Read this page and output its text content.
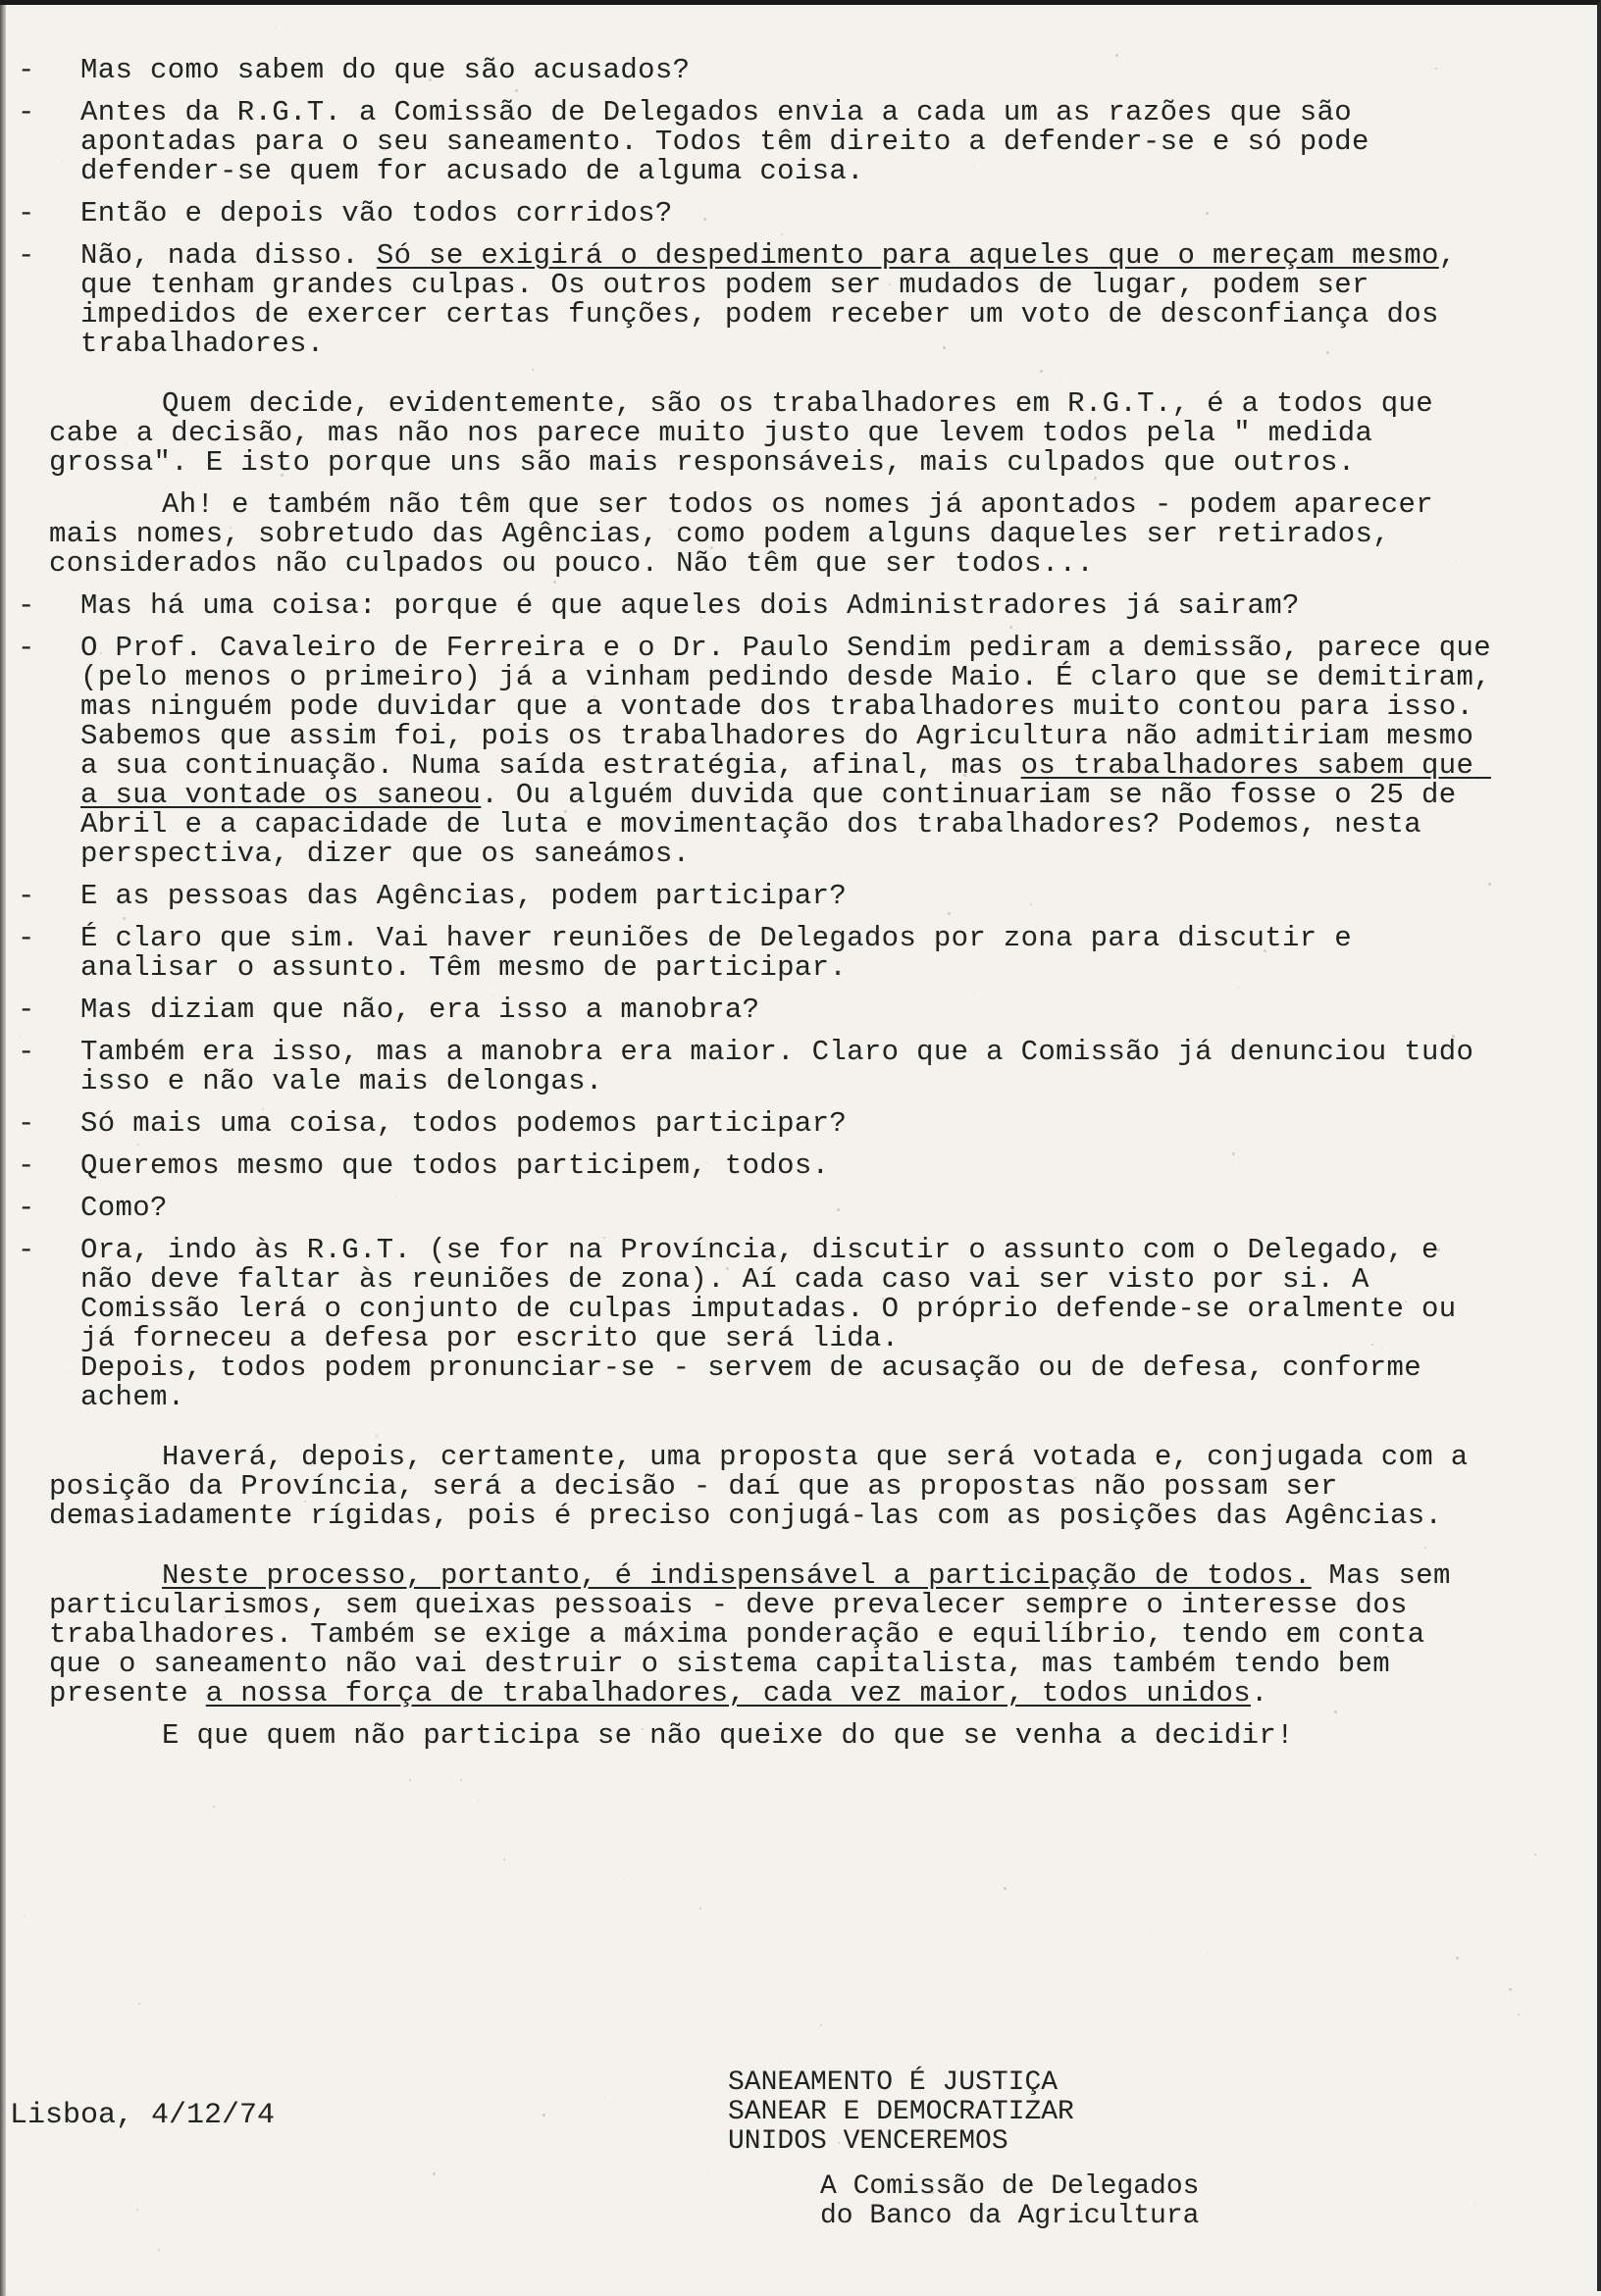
- Mas como sabem do que são acusados?
- Antes da R.G.T. a Comissão de Delegados envia a cada um as razões que são apontadas para o seu saneamento. Todos têm direito a defender-se e só pode defender-se quem for acusado de alguma coisa.
- Então e depois vão todos corridos?
- Não, nada disso. Só se exigirá o despedimento para aqueles que o mereçam mesmo, que tenham grandes culpas. Os outros podem ser mudados de lugar, podem ser impedidos de exercer certas funções, podem receber um voto de desconfiança dos trabalhadores.
Quem decide, evidentemente, são os trabalhadores em R.G.T., é a todos que cabe a decisão, mas não nos parece muito justo que levem todos pela " medida grossa". E isto porque uns são mais responsáveis, mais culpados que outros.
Ah! e também não têm que ser todos os nomes já apontados - podem aparecer mais nomes, sobretudo das Agências, como podem alguns daqueles ser retirados, considerados não culpados ou pouco. Não têm que ser todos...
- Mas há uma coisa: porque é que aqueles dois Administradores já sairam?
- O Prof. Cavaleiro de Ferreira e o Dr. Paulo Sendim pediram a demissão, parece que (pelo menos o primeiro) já a vinham pedindo desde Maio. É claro que se demitiram, mas ninguém pode duvidar que a vontade dos trabalhadores muito contou para isso. Sabemos que assim foi, pois os trabalhadores do Agricultura não admitiriam mesmo a sua continuação. Numa saída estratégia, afinal, mas os trabalhadores sabem que a sua vontade os saneou. Ou alguém duvida que continuariam se não fosse o 25 de Abril e a capacidade de luta e movimentação dos trabalhadores? Podemos, nesta perspectiva, dizer que os saneámos.
- E as pessoas das Agências, podem participar?
- É claro que sim. Vai haver reuniões de Delegados por zona para discutir e analisar o assunto. Têm mesmo de participar.
- Mas diziam que não, era isso a manobra?
- Também era isso, mas a manobra era maior. Claro que a Comissão já denunciou tudo isso e não vale mais delongas.
- Só mais uma coisa, todos podemos participar?
- Queremos mesmo que todos participem, todos.
- Como?
- Ora, indo às R.G.T. (se for na Província, discutir o assunto com o Delegado, e não deve faltar às reuniões de zona). Aí cada caso vai ser visto por si. A Comissão lerá o conjunto de culpas imputadas. O próprio defende-se oralmente ou já forneceu a defesa por escrito que será lida.
Depois, todos podem pronunciar-se - servem de acusação ou de defesa, conforme achem.
Haverá, depois, certamente, uma proposta que será votada e, conjugada com a posição da Província, será a decisão - daí que as propostas não possam ser demasiadamente rígidas, pois é preciso conjugá-las com as posições das Agências.
Neste processo, portanto, é indispensável a participação de todos. Mas sem particularismos, sem queixas pessoais - deve prevalecer sempre o interesse dos trabalhadores. Também se exige a máxima ponderação e equilíbrio, tendo em conta que o saneamento não vai destruir o sistema capitalista, mas também tendo bem presente a nossa força de trabalhadores, cada vez maior, todos unidos.
E que quem não participa se não queixe do que se venha a decidir!
Lisboa, 4/12/74
SANEAMENTO É JUSTIÇA
SANEAR E DEMOCRATIZAR
UNIDOS VENCEREMOS
A Comissão de Delegados
do Banco da Agricultura
